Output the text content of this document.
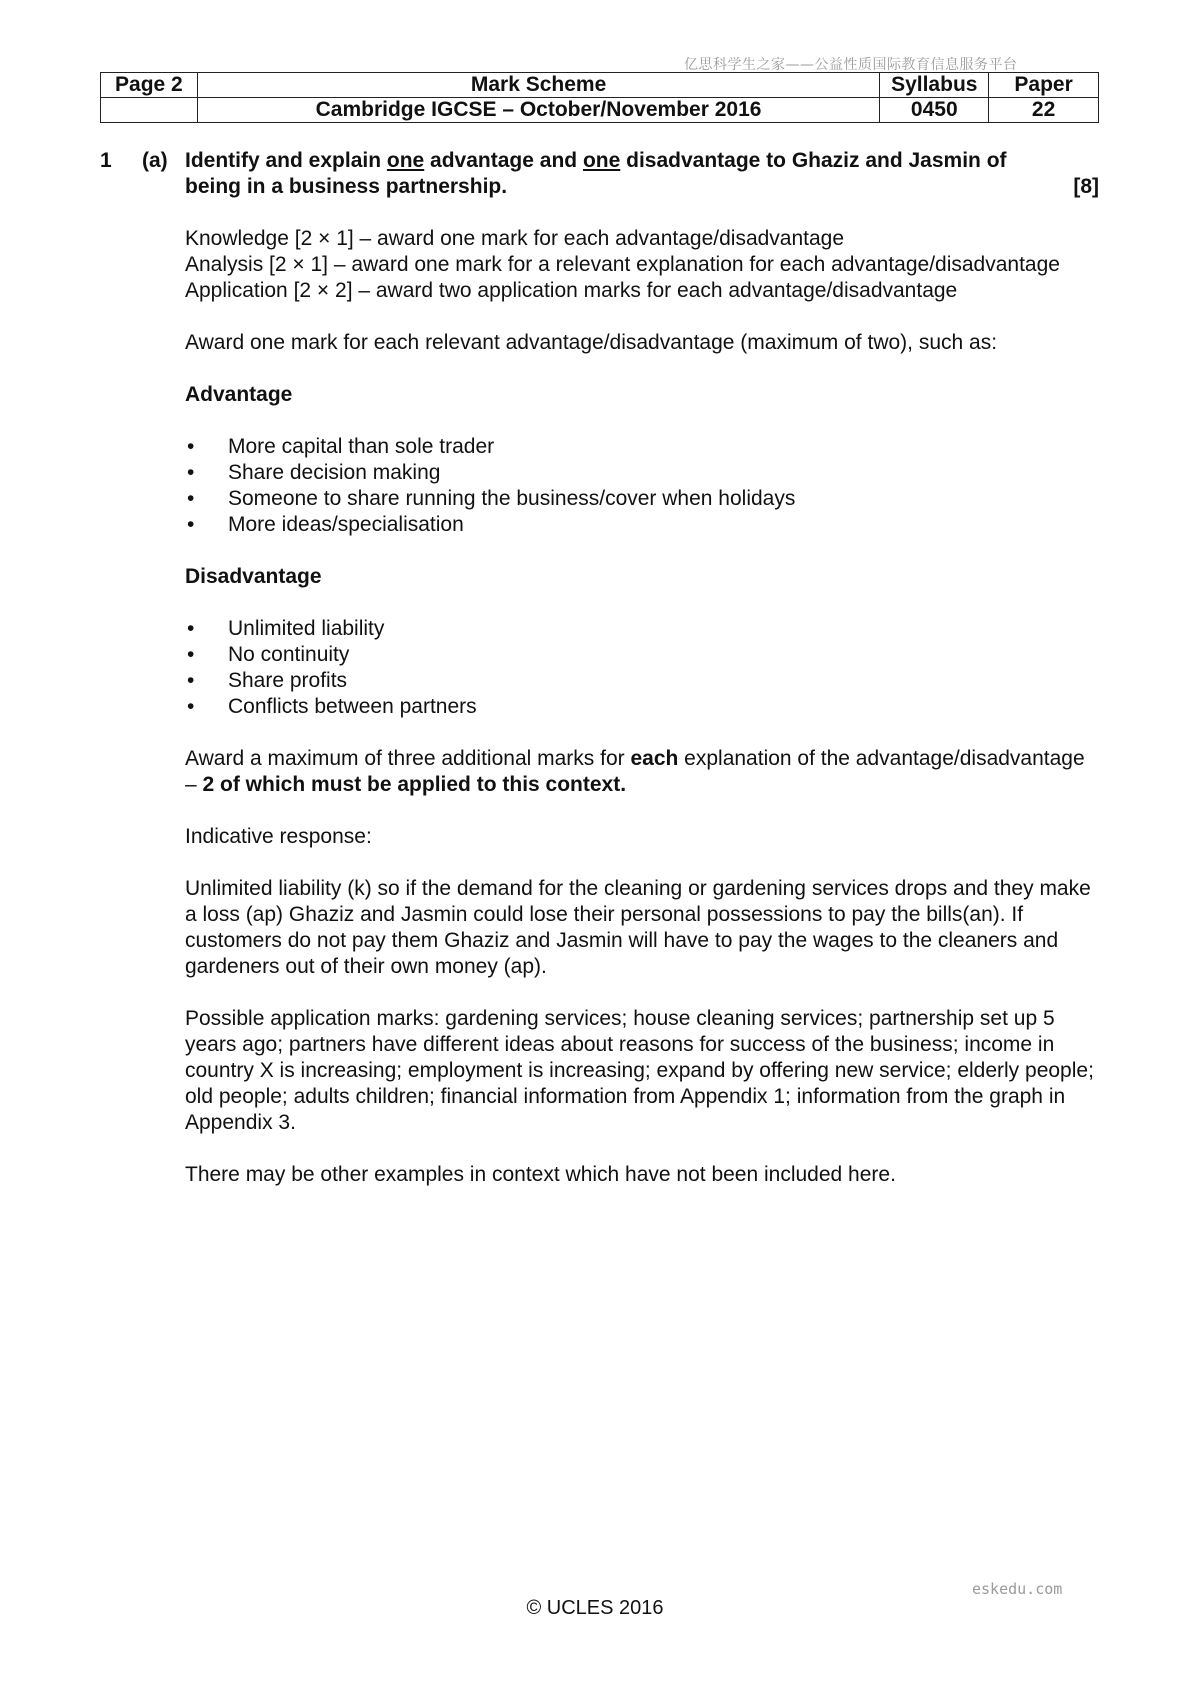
亿思科学生之家——公益性质国际教育信息服务平台
Page 2	Mark Scheme	Syllabus	Paper
	Cambridge IGCSE – October/November 2016	0450	22
1 (a) Identify and explain one advantage and one disadvantage to Ghaziz and Jasmin of being in a business partnership.	[8]

Knowledge [2 × 1] – award one mark for each advantage/disadvantage
Analysis [2 × 1] – award one mark for a relevant explanation for each advantage/disadvantage
Application [2 × 2] – award two application marks for each advantage/disadvantage

Award one mark for each relevant advantage/disadvantage (maximum of two), such as:

Advantage

• More capital than sole trader
• Share decision making
• Someone to share running the business/cover when holidays
• More ideas/specialisation

Disadvantage

• Unlimited liability
• No continuity
• Share profits
• Conflicts between partners

Award a maximum of three additional marks for each explanation of the advantage/disadvantage – 2 of which must be applied to this context.

Indicative response:

Unlimited liability (k) so if the demand for the cleaning or gardening services drops and they make a loss (ap) Ghaziz and Jasmin could lose their personal possessions to pay the bills(an). If customers do not pay them Ghaziz and Jasmin will have to pay the wages to the cleaners and gardeners out of their own money (ap).

Possible application marks: gardening services; house cleaning services; partnership set up 5 years ago; partners have different ideas about reasons for success of the business; income in country X is increasing; employment is increasing; expand by offering new service; elderly people; old people; adults children; financial information from Appendix 1; information from the graph in Appendix 3.

There may be other examples in context which have not been included here.

eskedu.com
© UCLES 2016
